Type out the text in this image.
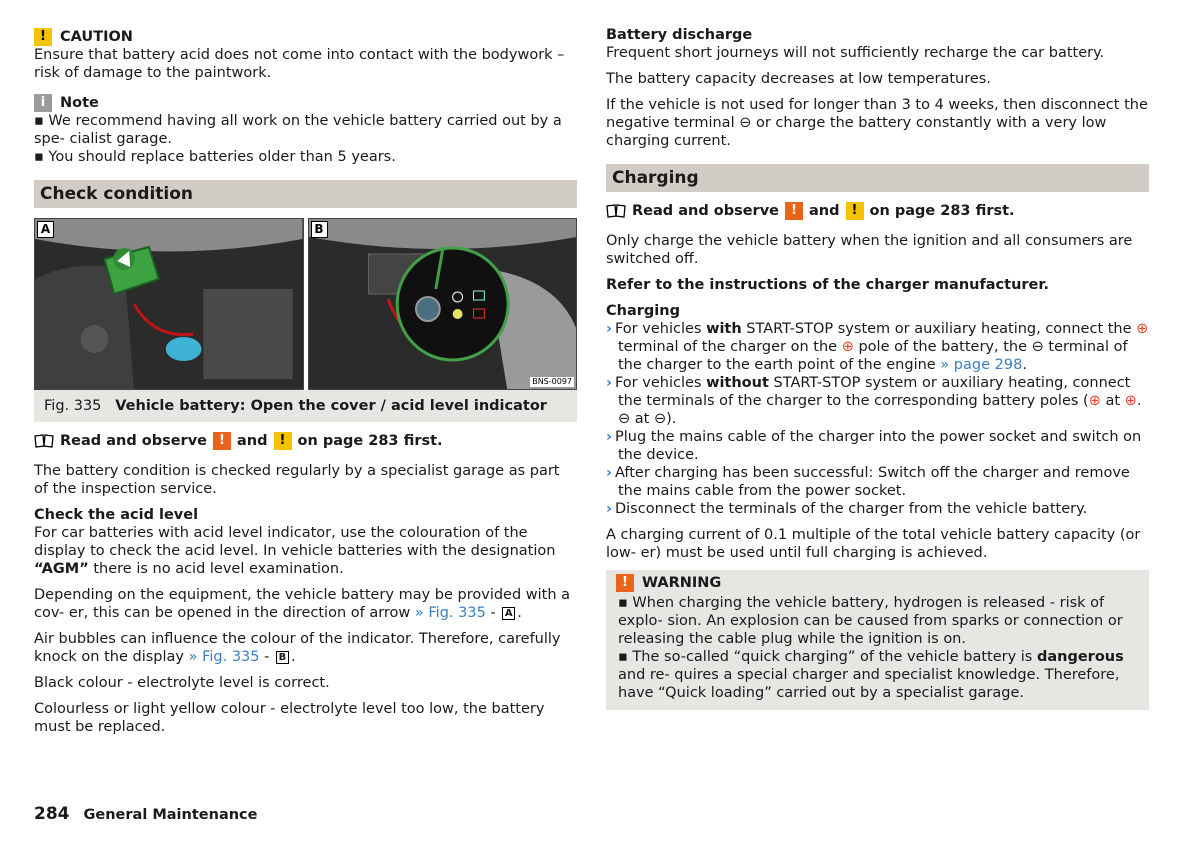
! CAUTION

Ensure that battery acid does not come into contact with the bodywork – risk of damage to the paintwork.

i	Note

▪ We recommend having all work on the vehicle battery carried out by a spe- cialist garage.

▪ You should replace batteries older than 5 years.

Check condition
A	B
BNS-0097
Fig. 335 Vehicle battery: Open the cover / acid level indicator
Read and observe ! and ! on page 283 first.

The battery condition is checked regularly by a specialist garage as part of the inspection service.

Check the acid level

For car batteries with acid level indicator, use the colouration of the display to check the acid level. In vehicle batteries with the designation “AGM” there is no acid level examination.

Depending on the equipment, the vehicle battery may be provided with a cov- er, this can be opened in the direction of arrow » Fig. 335 - A .

Air bubbles can influence the colour of the indicator. Therefore, carefully knock on the display » Fig. 335 - B .

Black colour - electrolyte level is correct.

Colourless or light yellow colour - electrolyte level too low, the battery must be replaced.

Battery discharge

Frequent short journeys will not sufficiently recharge the car battery.

The battery capacity decreases at low temperatures.

If the vehicle is not used for longer than 3 to 4 weeks, then disconnect the negative terminal ⊖ or charge the battery constantly with a very low charging current.

Charging
Read and observe ! and ! on page 283 first.

Only charge the vehicle battery when the ignition and all consumers are switched off.

Refer to the instructions of the charger manufacturer.

Charging

› For vehicles with START-STOP system or auxiliary heating, connect the ⊕ terminal of the charger on the ⊕ pole of the battery, the ⊖ terminal of the charger to the earth point of the engine » page 298.

› For vehicles without START-STOP system or auxiliary heating, connect the terminals of the charger to the corresponding battery poles (⊕ at ⊕. ⊖ at ⊖).

› Plug the mains cable of the charger into the power socket and switch on the device.

› After charging has been successful: Switch off the charger and remove the mains cable from the power socket.

› Disconnect the terminals of the charger from the vehicle battery.

A charging current of 0.1 multiple of the total vehicle battery capacity (or low- er) must be used until full charging is achieved.

! WARNING

▪ When charging the vehicle battery, hydrogen is released - risk of explo- sion. An explosion can be caused from sparks or connection or releasing the cable plug while the ignition is on.

▪ The so-called “quick charging” of the vehicle battery is dangerous and re- quires a special charger and specialist knowledge. Therefore, have “Quick loading” carried out by a specialist garage.

284 General Maintenance
